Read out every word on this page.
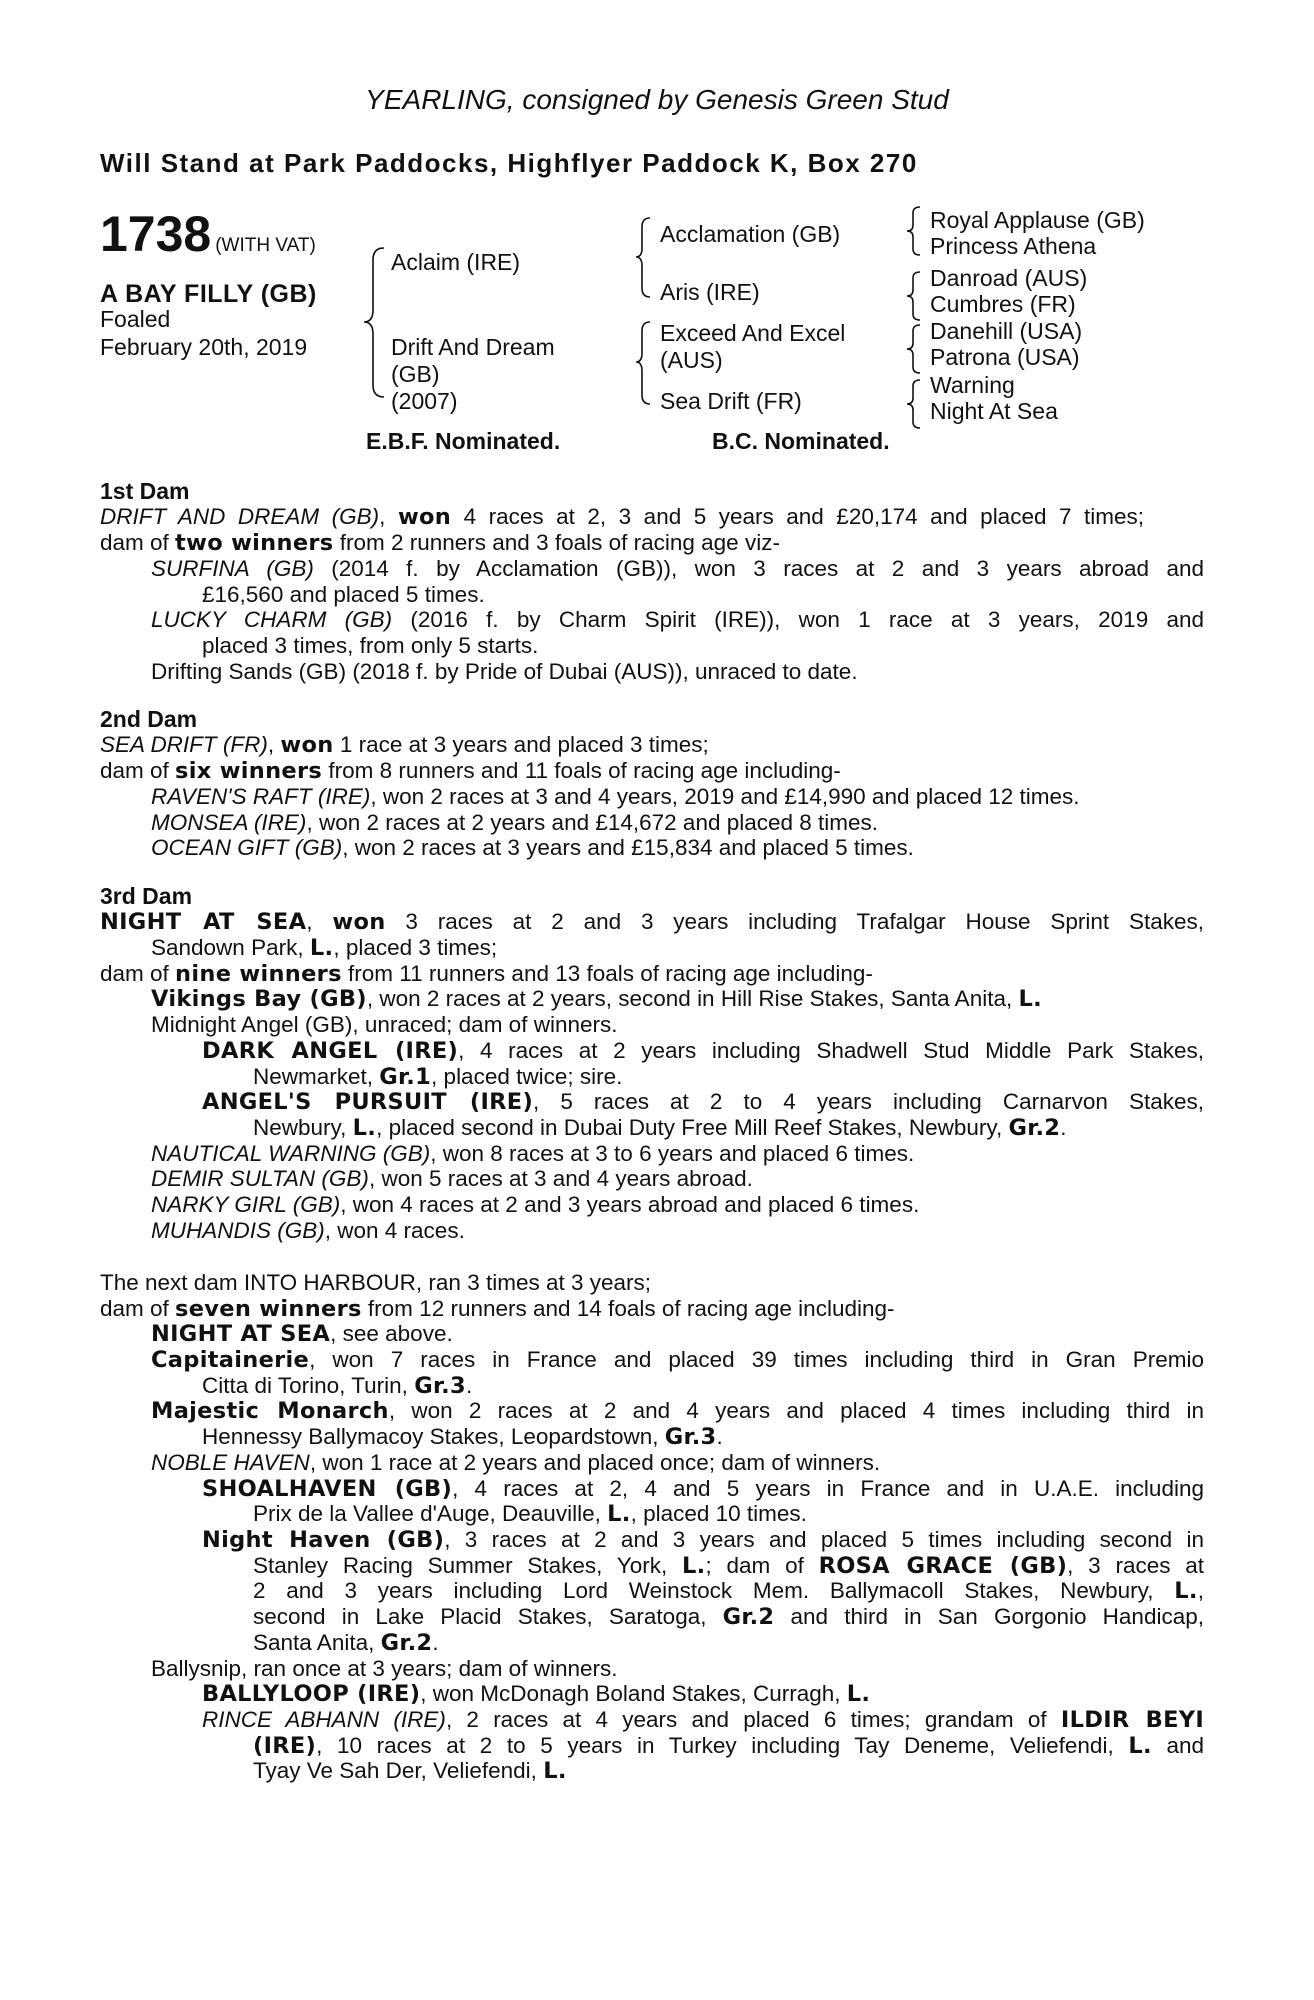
YEARLING, consigned by Genesis Green Stud
Will Stand at Park Paddocks, Highflyer Paddock K, Box 270
1738 (WITH VAT)
A BAY FILLY (GB)
Foaled
February 20th, 2019
Aclaim (IRE)
Drift And Dream
(GB)
(2007)
Acclamation (GB)
Aris (IRE)
Exceed And Excel
(AUS)
Sea Drift (FR)
Royal Applause (GB)
Princess Athena
Danroad (AUS)
Cumbres (FR)
Danehill (USA)
Patrona (USA)
Warning
Night At Sea
E.B.F. Nominated.	B.C. Nominated.
1st Dam
DRIFT AND DREAM (GB), won 4 races at 2, 3 and 5 years and £20,174 and placed 7 times;
dam of two winners from 2 runners and 3 foals of racing age viz-
SURFINA (GB) (2014 f. by Acclamation (GB)), won 3 races at 2 and 3 years abroad and
£16,560 and placed 5 times.
LUCKY CHARM (GB) (2016 f. by Charm Spirit (IRE)), won 1 race at 3 years, 2019 and
placed 3 times, from only 5 starts.
Drifting Sands (GB) (2018 f. by Pride of Dubai (AUS)), unraced to date.
2nd Dam
SEA DRIFT (FR), won 1 race at 3 years and placed 3 times;
dam of six winners from 8 runners and 11 foals of racing age including-
RAVEN'S RAFT (IRE), won 2 races at 3 and 4 years, 2019 and £14,990 and placed 12 times.
MONSEA (IRE), won 2 races at 2 years and £14,672 and placed 8 times.
OCEAN GIFT (GB), won 2 races at 3 years and £15,834 and placed 5 times.
3rd Dam
NIGHT AT SEA, won 3 races at 2 and 3 years including Trafalgar House Sprint Stakes,
Sandown Park, L., placed 3 times;
dam of nine winners from 11 runners and 13 foals of racing age including-
Vikings Bay (GB), won 2 races at 2 years, second in Hill Rise Stakes, Santa Anita, L.
Midnight Angel (GB), unraced; dam of winners.
DARK ANGEL (IRE), 4 races at 2 years including Shadwell Stud Middle Park Stakes,
Newmarket, Gr.1, placed twice; sire.
ANGEL'S PURSUIT (IRE), 5 races at 2 to 4 years including Carnarvon Stakes,
Newbury, L., placed second in Dubai Duty Free Mill Reef Stakes, Newbury, Gr.2.
NAUTICAL WARNING (GB), won 8 races at 3 to 6 years and placed 6 times.
DEMIR SULTAN (GB), won 5 races at 3 and 4 years abroad.
NARKY GIRL (GB), won 4 races at 2 and 3 years abroad and placed 6 times.
MUHANDIS (GB), won 4 races.
The next dam INTO HARBOUR, ran 3 times at 3 years;
dam of seven winners from 12 runners and 14 foals of racing age including-
NIGHT AT SEA, see above.
Capitainerie, won 7 races in France and placed 39 times including third in Gran Premio
Citta di Torino, Turin, Gr.3.
Majestic Monarch, won 2 races at 2 and 4 years and placed 4 times including third in
Hennessy Ballymacoy Stakes, Leopardstown, Gr.3.
NOBLE HAVEN, won 1 race at 2 years and placed once; dam of winners.
SHOALHAVEN (GB), 4 races at 2, 4 and 5 years in France and in U.A.E. including
Prix de la Vallee d'Auge, Deauville, L., placed 10 times.
Night Haven (GB), 3 races at 2 and 3 years and placed 5 times including second in
Stanley Racing Summer Stakes, York, L.; dam of ROSA GRACE (GB), 3 races at
2 and 3 years including Lord Weinstock Mem. Ballymacoll Stakes, Newbury, L.,
second in Lake Placid Stakes, Saratoga, Gr.2 and third in San Gorgonio Handicap,
Santa Anita, Gr.2.
Ballysnip, ran once at 3 years; dam of winners.
BALLYLOOP (IRE), won McDonagh Boland Stakes, Curragh, L.
RINCE ABHANN (IRE), 2 races at 4 years and placed 6 times; grandam of ILDIR BEYI
(IRE), 10 races at 2 to 5 years in Turkey including Tay Deneme, Veliefendi, L. and
Tyay Ve Sah Der, Veliefendi, L.
